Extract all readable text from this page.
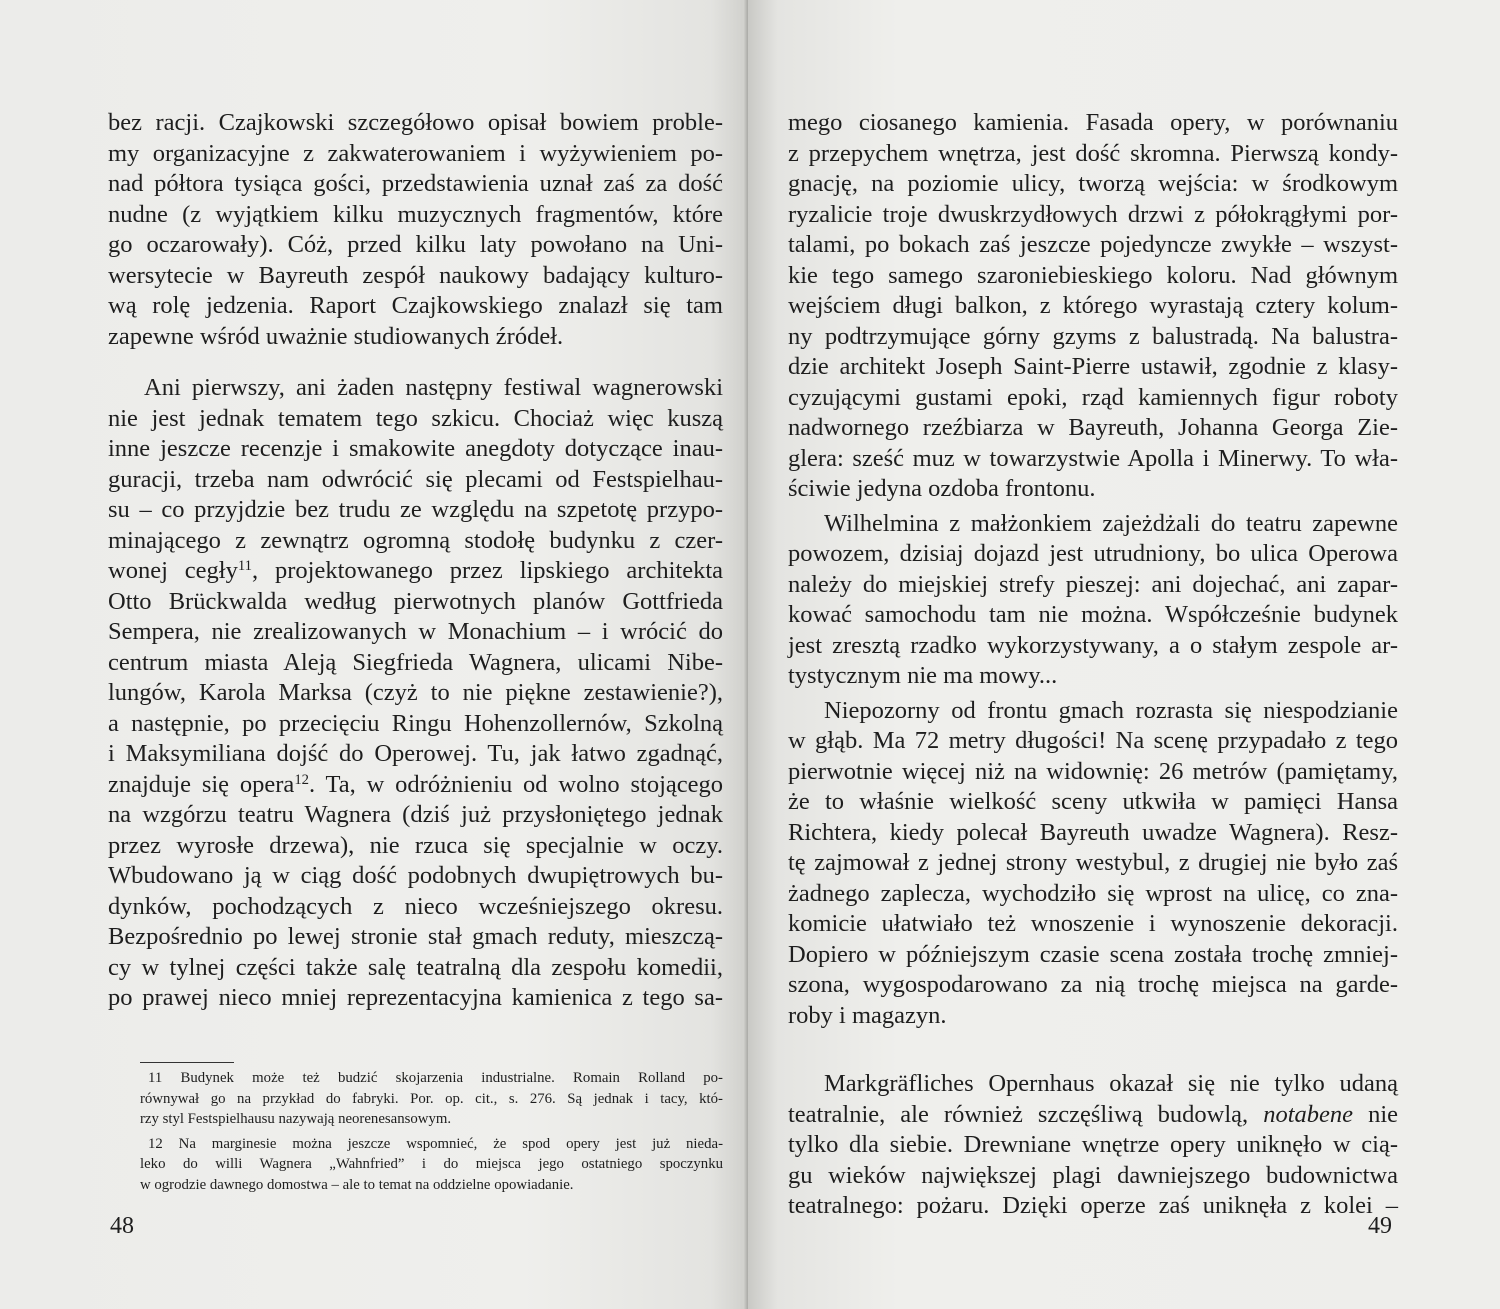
bez racji. Czajkowski szczegółowo opisał bowiem proble-
my organizacyjne z zakwaterowaniem i wyżywieniem po-
nad półtora tysiąca gości, przedstawienia uznał zaś za dość
nudne (z wyjątkiem kilku muzycznych fragmentów, które
go oczarowały). Cóż, przed kilku laty powołano na Uni-
wersytecie w Bayreuth zespół naukowy badający kulturo-
wą rolę jedzenia. Raport Czajkowskiego znalazł się tam
zapewne wśród uważnie studiowanych źródeł.
Ani pierwszy, ani żaden następny festiwal wagnerowski
nie jest jednak tematem tego szkicu. Chociaż więc kuszą
inne jeszcze recenzje i smakowite anegdoty dotyczące inau-
guracji, trzeba nam odwrócić się plecami od Festspielhau-
su – co przyjdzie bez trudu ze względu na szpetotę przypo-
minającego z zewnątrz ogromną stodołę budynku z czer-
wonej cegły$^{11}$, projektowanego przez lipskiego architekta
Otto Brückwalda według pierwotnych planów Gottfrieda
Sempera, nie zrealizowanych w Monachium – i wrócić do
centrum miasta Aleją Siegfrieda Wagnera, ulicami Nibe-
lungów, Karola Marksa (czyż to nie piękne zestawienie?),
a następnie, po przecięciu Ringu Hohenzollernów, Szkolną
i Maksymiliana dojść do Operowej. Tu, jak łatwo zgadnąć,
znajduje się opera$^{12}$. Ta, w odróżnieniu od wolno stojącego
na wzgórzu teatru Wagnera (dziś już przysłoniętego jednak
przez wyrosłe drzewa), nie rzuca się specjalnie w oczy.
Wbudowano ją w ciąg dość podobnych dwupiętrowych bu-
dynków, pochodzących z nieco wcześniejszego okresu.
Bezpośrednio po lewej stronie stał gmach reduty, mieszczą-
cy w tylnej części także salę teatralną dla zespołu komedii,
po prawej nieco mniej reprezentacyjna kamienica z tego sa-
11 Budynek może też budzić skojarzenia industrialne. Romain Rolland po-
równywał go na przykład do fabryki. Por. op. cit., s. 276. Są jednak i tacy, któ-
rzy styl Festspielhausu nazywają neorenesansowym.
12 Na marginesie można jeszcze wspomnieć, że spod opery jest już nieda-
leko do willi Wagnera „Wahnfried” i do miejsca jego ostatniego spoczynku
w ogrodzie dawnego domostwa – ale to temat na oddzielne opowiadanie.
48
mego ciosanego kamienia. Fasada opery, w porównaniu
z przepychem wnętrza, jest dość skromna. Pierwszą kondy-
gnację, na poziomie ulicy, tworzą wejścia: w środkowym
ryzalicie troje dwuskrzydłowych drzwi z półokrągłymi por-
talami, po bokach zaś jeszcze pojedyncze zwykłe – wszyst-
kie tego samego szaroniebieskiego koloru. Nad głównym
wejściem długi balkon, z którego wyrastają cztery kolum-
ny podtrzymujące górny gzyms z balustradą. Na balustra-
dzie architekt Joseph Saint-Pierre ustawił, zgodnie z klasy-
cyzującymi gustami epoki, rząd kamiennych figur roboty
nadwornego rzeźbiarza w Bayreuth, Johanna Georga Zie-
glera: sześć muz w towarzystwie Apolla i Minerwy. To wła-
ściwie jedyna ozdoba frontonu.
Wilhelmina z małżonkiem zajeżdżali do teatru zapewne
powozem, dzisiaj dojazd jest utrudniony, bo ulica Operowa
należy do miejskiej strefy pieszej: ani dojechać, ani zapar-
kować samochodu tam nie można. Współcześnie budynek
jest zresztą rzadko wykorzystywany, a o stałym zespole ar-
tystycznym nie ma mowy...
Niepozorny od frontu gmach rozrasta się niespodzianie
w głąb. Ma 72 metry długości! Na scenę przypadało z tego
pierwotnie więcej niż na widownię: 26 metrów (pamiętamy,
że to właśnie wielkość sceny utkwiła w pamięci Hansa
Richtera, kiedy polecał Bayreuth uwadze Wagnera). Resz-
tę zajmował z jednej strony westybul, z drugiej nie było zaś
żadnego zaplecza, wychodziło się wprost na ulicę, co zna-
komicie ułatwiało też wnoszenie i wynoszenie dekoracji.
Dopiero w późniejszym czasie scena została trochę zmniej-
szona, wygospodarowano za nią trochę miejsca na garde-
roby i magazyn.
Markgräfliches Opernhaus okazał się nie tylko udaną
teatralnie, ale również szczęśliwą budowlą, notabene nie
tylko dla siebie. Drewniane wnętrze opery uniknęło w cią-
gu wieków największej plagi dawniejszego budownictwa
teatralnego: pożaru. Dzięki operze zaś uniknęła z kolei –
49
